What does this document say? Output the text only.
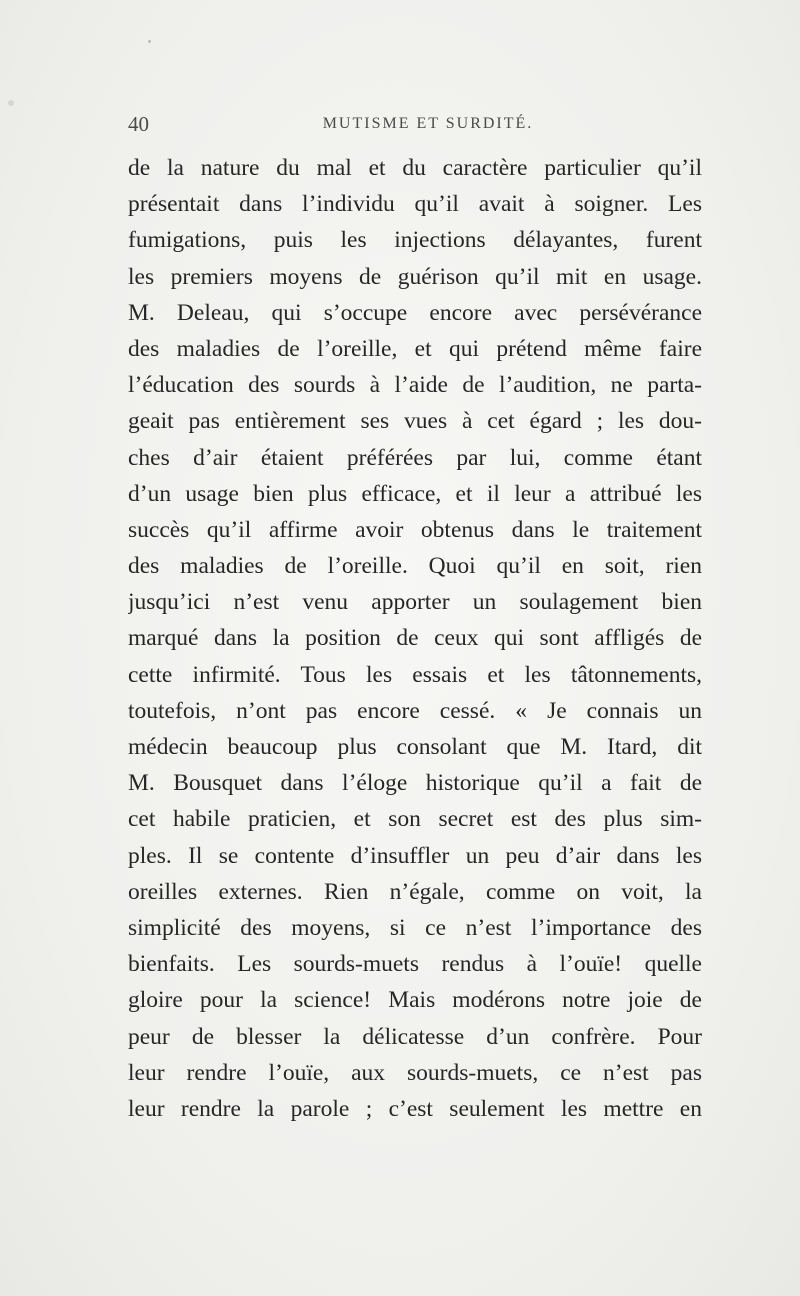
40	MUTISME ET SURDITÉ.
de la nature du mal et du caractère particulier qu’il
présentait dans l’individu qu’il avait à soigner. Les
fumigations, puis les injections délayantes, furent
les premiers moyens de guérison qu’il mit en usage.
M. Deleau, qui s’occupe encore avec persévérance
des maladies de l’oreille, et qui prétend même faire
l’éducation des sourds à l’aide de l’audition, ne parta-
geait pas entièrement ses vues à cet égard ; les dou-
ches d’air étaient préférées par lui, comme étant
d’un usage bien plus efficace, et il leur a attribué les
succès qu’il affirme avoir obtenus dans le traitement
des maladies de l’oreille. Quoi qu’il en soit, rien
jusqu’ici n’est venu apporter un soulagement bien
marqué dans la position de ceux qui sont affligés de
cette infirmité. Tous les essais et les tâtonnements,
toutefois, n’ont pas encore cessé. « Je connais un
médecin beaucoup plus consolant que M. Itard, dit
M. Bousquet dans l’éloge historique qu’il a fait de
cet habile praticien, et son secret est des plus sim-
ples. Il se contente d’insuffler un peu d’air dans les
oreilles externes. Rien n’égale, comme on voit, la
simplicité des moyens, si ce n’est l’importance des
bienfaits. Les sourds-muets rendus à l’ouïe! quelle
gloire pour la science! Mais modérons notre joie de
peur de blesser la délicatesse d’un confrère. Pour
leur rendre l’ouïe, aux sourds-muets, ce n’est pas
leur rendre la parole ; c’est seulement les mettre en
